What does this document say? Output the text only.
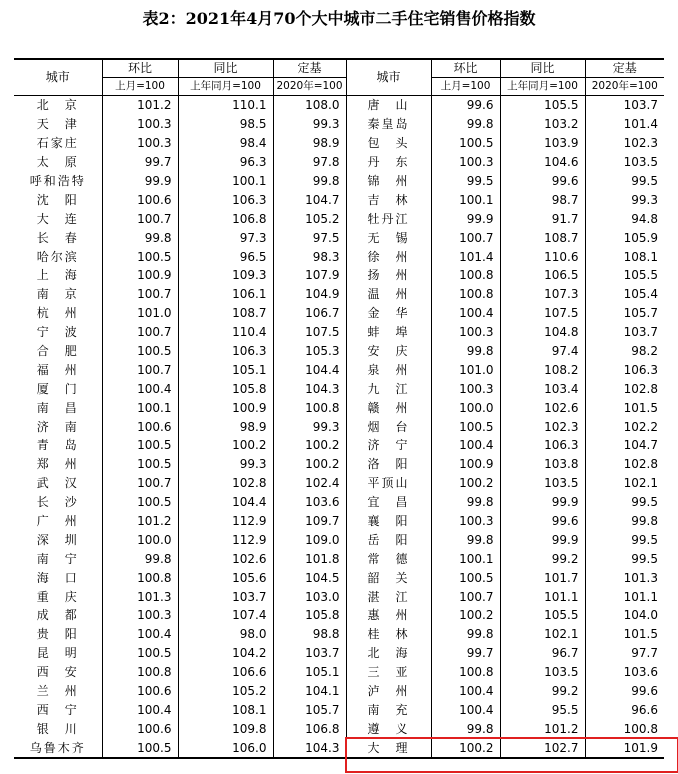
表2：2021年4月70个大中城市二手住宅销售价格指数
城市	环比	同比	定基	城市	环比	同比	定基
	上月=100	上年同月=100	2020年=100		上月=100	上年同月=100	2020年=100
北　京	101.2	110.1	108.0	唐　山	99.6	105.5	103.7
天　津	100.3	98.5	99.3	秦皇岛	99.8	103.2	101.4
石家庄	100.3	98.4	98.9	包　头	100.5	103.9	102.3
太　原	99.7	96.3	97.8	丹　东	100.3	104.6	103.5
呼和浩特	99.9	100.1	99.8	锦　州	99.5	99.6	99.5
沈　阳	100.6	106.3	104.7	吉　林	100.1	98.7	99.3
大　连	100.7	106.8	105.2	牡丹江	99.9	91.7	94.8
长　春	99.8	97.3	97.5	无　锡	100.7	108.7	105.9
哈尔滨	100.5	96.5	98.3	徐　州	101.4	110.6	108.1
上　海	100.9	109.3	107.9	扬　州	100.8	106.5	105.5
南　京	100.7	106.1	104.9	温　州	100.8	107.3	105.4
杭　州	101.0	108.7	106.7	金　华	100.4	107.5	105.7
宁　波	100.7	110.4	107.5	蚌　埠	100.3	104.8	103.7
合　肥	100.5	106.3	105.3	安　庆	99.8	97.4	98.2
福　州	100.7	105.1	104.4	泉　州	101.0	108.2	106.3
厦　门	100.4	105.8	104.3	九　江	100.3	103.4	102.8
南　昌	100.1	100.9	100.8	赣　州	100.0	102.6	101.5
济　南	100.6	98.9	99.3	烟　台	100.5	102.3	102.2
青　岛	100.5	100.2	100.2	济　宁	100.4	106.3	104.7
郑　州	100.5	99.3	100.2	洛　阳	100.9	103.8	102.8
武　汉	100.7	102.8	102.4	平顶山	100.2	103.5	102.1
长　沙	100.5	104.4	103.6	宜　昌	99.8	99.9	99.5
广　州	101.2	112.9	109.7	襄　阳	100.3	99.6	99.8
深　圳	100.0	112.9	109.0	岳　阳	99.8	99.9	99.5
南　宁	99.8	102.6	101.8	常　德	100.1	99.2	99.5
海　口	100.8	105.6	104.5	韶　关	100.5	101.7	101.3
重　庆	101.3	103.7	103.0	湛　江	100.7	101.1	101.1
成　都	100.3	107.4	105.8	惠　州	100.2	105.5	104.0
贵　阳	100.4	98.0	98.8	桂　林	99.8	102.1	101.5
昆　明	100.5	104.2	103.7	北　海	99.7	96.7	97.7
西　安	100.8	106.6	105.1	三　亚	100.8	103.5	103.6
兰　州	100.6	105.2	104.1	泸　州	100.4	99.2	99.6
西　宁	100.4	108.1	105.7	南　充	100.4	95.5	96.6
银　川	100.6	109.8	106.8	遵　义	99.8	101.2	100.8
乌鲁木齐	100.5	106.0	104.3	大　理	100.2	102.7	101.9
